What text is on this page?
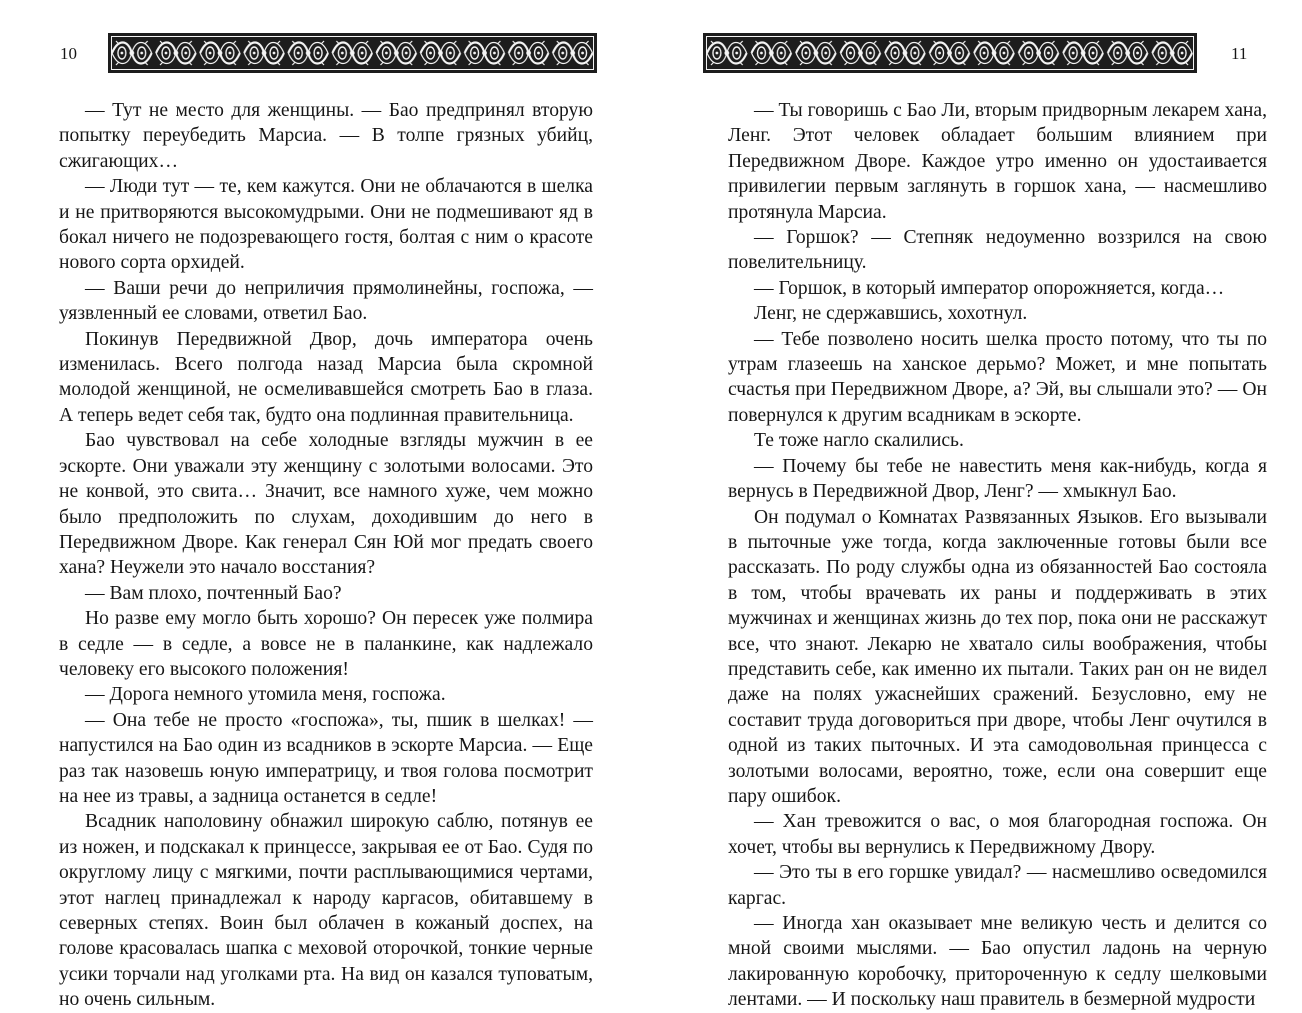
10

— Тут не место для женщины. — Бао предпринял вторую попытку переубедить Марсиа. — В толпе грязных убийц, сжигающих…

— Люди тут — те, кем кажутся. Они не облачаются в шелка и не притворяются высокомудрыми. Они не подмешивают яд в бокал ничего не подозревающего гостя, болтая с ним о красоте нового сорта орхидей.

— Ваши речи до неприличия прямолинейны, госпожа, — уязвленный ее словами, ответил Бао.

Покинув Передвижной Двор, дочь императора очень изменилась. Всего полгода назад Марсиа была скромной молодой женщиной, не осмеливавшейся смотреть Бао в глаза. А теперь ведет себя так, будто она подлинная правительница.

Бао чувствовал на себе холодные взгляды мужчин в ее эскорте. Они уважали эту женщину с золотыми волосами. Это не конвой, это свита… Значит, все намного хуже, чем можно было предположить по слухам, доходившим до него в Передвижном Дворе. Как генерал Сян Юй мог предать своего хана? Неужели это начало восстания?

— Вам плохо, почтенный Бао?

Но разве ему могло быть хорошо? Он пересек уже полмира в седле — в седле, а вовсе не в паланкине, как надлежало человеку его высокого положения!

— Дорога немного утомила меня, госпожа.

— Она тебе не просто «госпожа», ты, пшик в шелках! — напустился на Бао один из всадников в эскорте Марсиа. — Еще раз так назовешь юную императрицу, и твоя голова посмотрит на нее из травы, а задница останется в седле!

Всадник наполовину обнажил широкую саблю, потянув ее из ножен, и подскакал к принцессе, закрывая ее от Бао. Судя по округлому лицу с мягкими, почти расплывающимися чертами, этот наглец принадлежал к народу каргасов, обитавшему в северных степях. Воин был облачен в кожаный доспех, на голове красовалась шапка с меховой оторочкой, тонкие черные усики торчали над уголками рта. На вид он казался туповатым, но очень сильным.

11

— Ты говоришь с Бао Ли, вторым придворным лекарем хана, Ленг. Этот человек обладает большим влиянием при Передвижном Дворе. Каждое утро именно он удостаивается привилегии первым заглянуть в горшок хана, — насмешливо протянула Марсиа.

— Горшок? — Степняк недоуменно воззрился на свою повелительницу.

— Горшок, в который император опорожняется, когда…

Ленг, не сдержавшись, хохотнул.

— Тебе позволено носить шелка просто потому, что ты по утрам глазеешь на ханское дерьмо? Может, и мне попытать счастья при Передвижном Дворе, а? Эй, вы слышали это? — Он повернулся к другим всадникам в эскорте.

Те тоже нагло скалились.

— Почему бы тебе не навестить меня как-нибудь, когда я вернусь в Передвижной Двор, Ленг? — хмыкнул Бао.

Он подумал о Комнатах Развязанных Языков. Его вызывали в пыточные уже тогда, когда заключенные готовы были все рассказать. По роду службы одна из обязанностей Бао состояла в том, чтобы врачевать их раны и поддерживать в этих мужчинах и женщинах жизнь до тех пор, пока они не расскажут все, что знают. Лекарю не хватало силы воображения, чтобы представить себе, как именно их пытали. Таких ран он не видел даже на полях ужаснейших сражений. Безусловно, ему не составит труда договориться при дворе, чтобы Ленг очутился в одной из таких пыточных. И эта самодовольная принцесса с золотыми волосами, вероятно, тоже, если она совершит еще пару ошибок.

— Хан тревожится о вас, о моя благородная госпожа. Он хочет, чтобы вы вернулись к Передвижному Двору.

— Это ты в его горшке увидал? — насмешливо осведомился каргас.

— Иногда хан оказывает мне великую честь и делится со мной своими мыслями. — Бао опустил ладонь на черную лакированную коробочку, притороченную к седлу шелковыми лентами. — И поскольку наш правитель в безмерной мудрости
